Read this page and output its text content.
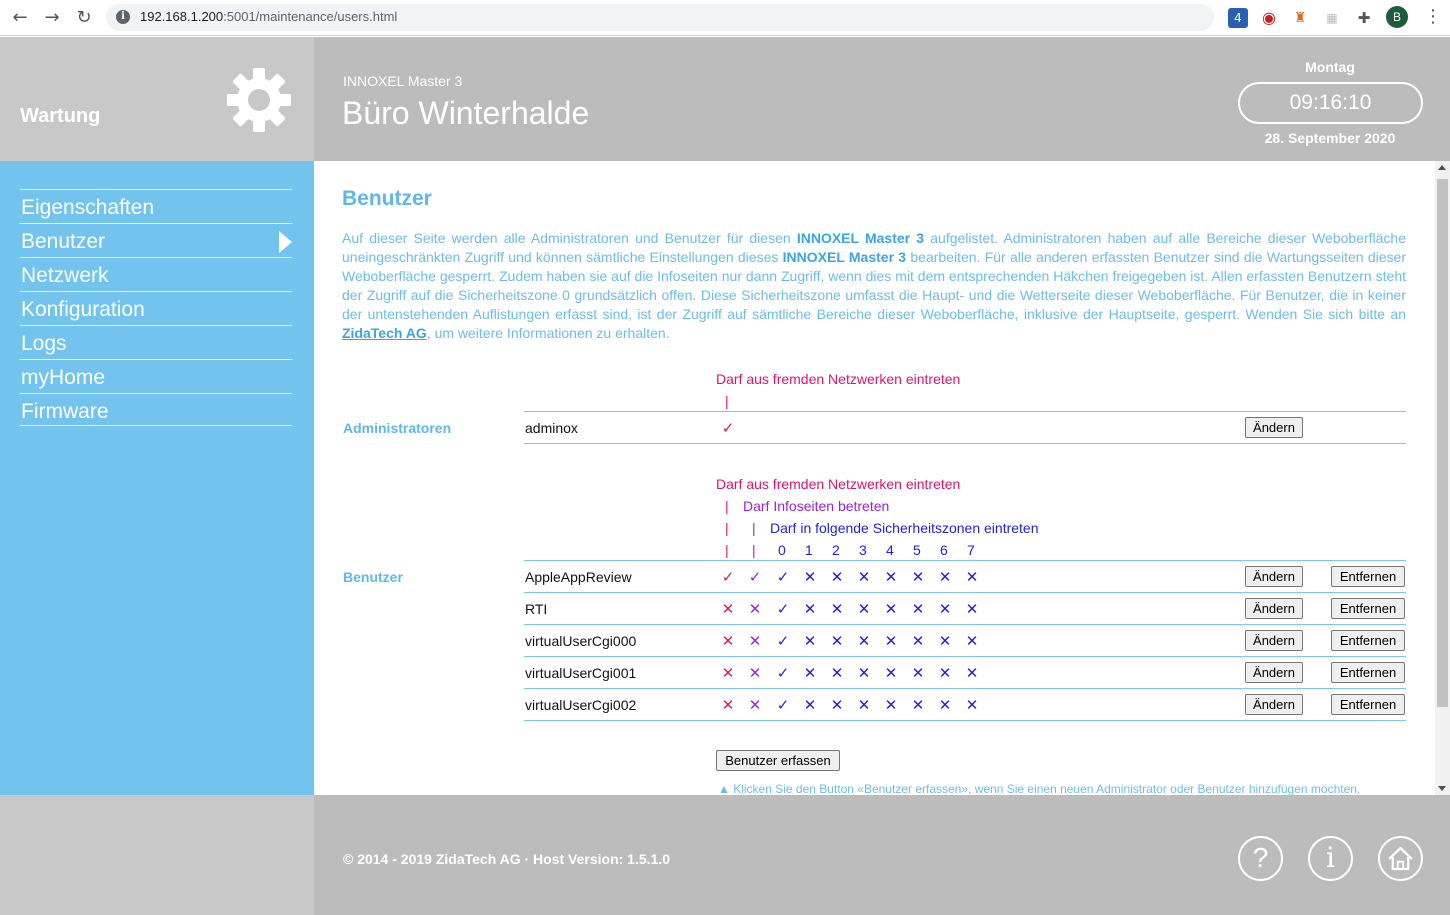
← → ↻	i	192.168.1.200:5001/maintenance/users.html	4	◉ ♜	▦ ✚	B	⋮
Wartung
INNOXEL Master 3
Büro Winterhalde
Montag
09:16:10
28. September 2020
Eigenschaften
Benutzer
Netzwerk
Konfiguration
Logs
myHome
Firmware
Benutzer
Auf dieser Seite werden alle Administratoren und Benutzer für diesen INNOXEL Master 3 aufgelistet. Administratoren haben auf alle Bereiche dieser Weboberfläche uneingeschränkten Zugriff und können sämtliche Einstellungen dieses INNOXEL Master 3 bearbeiten. Für alle anderen erfassten Benutzer sind die Wartungsseiten dieser Weboberfläche gesperrt. Zudem haben sie auf die Infoseiten nur dann Zugriff, wenn dies mit dem entsprechenden Häkchen freigegeben ist. Allen erfassten Benutzern steht der Zugriff auf die Sicherheitszone 0 grundsätzlich offen. Diese Sicherheitszone umfasst die Haupt- und die Wetterseite dieser Weboberfläche. Für Benutzer, die in keiner der untenstehenden Auflistungen erfasst sind, ist der Zugriff auf sämtliche Bereiche dieser Weboberfläche, inklusive der Hauptseite, gesperrt. Wenden Sie sich bitte an ZidaTech AG, um weitere Informationen zu erhalten.
Darf aus fremden Netzwerken eintreten
|
Administratoren	adminox	✓	Ändern
Darf aus fremden Netzwerken eintreten
| Darf Infoseiten betreten
| | Darf in folgende Sicherheitszonen eintreten
| | 0 1 2 3 4 5 6 7
Benutzer	AppleAppReview	✓ ✓ ✓ ✕ ✕ ✕ ✕ ✕ ✕ ✕	Ändern	Entfernen
RTI	✕ ✕ ✓ ✕ ✕ ✕ ✕ ✕ ✕ ✕	Ändern	Entfernen
virtualUserCgi000	✕ ✕ ✓ ✕ ✕ ✕ ✕ ✕ ✕ ✕	Ändern	Entfernen
virtualUserCgi001	✕ ✕ ✓ ✕ ✕ ✕ ✕ ✕ ✕ ✕	Ändern	Entfernen
virtualUserCgi002	✕ ✕ ✓ ✕ ✕ ✕ ✕ ✕ ✕ ✕	Ändern	Entfernen
Benutzer erfassen
▲ Klicken Sie den Button «Benutzer erfassen», wenn Sie einen neuen Administrator oder Benutzer hinzufügen möchten.
© 2014 - 2019 ZidaTech AG · Host Version: 1.5.1.0	?	i
